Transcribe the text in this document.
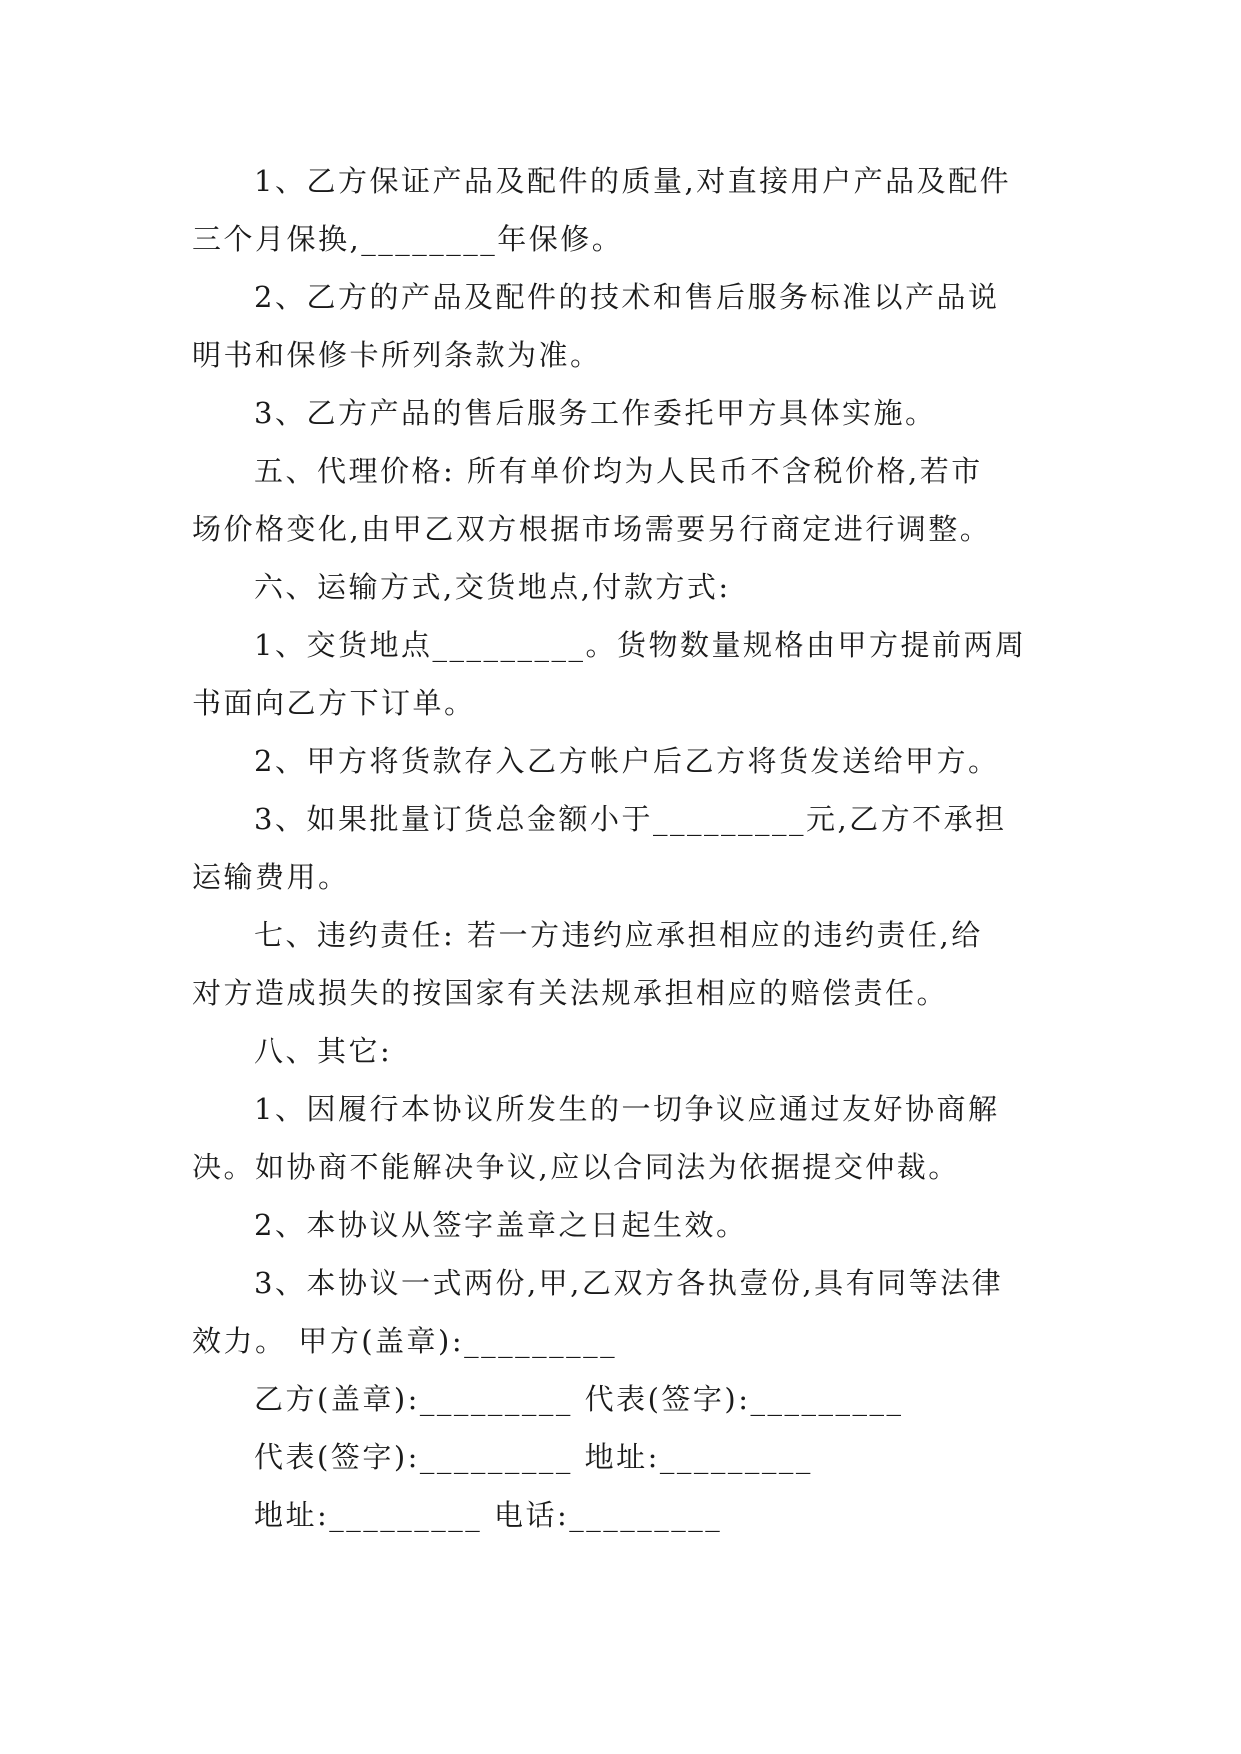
1、乙方保证产品及配件的质量,对直接用户产品及配件
三个月保换,________年保修。
2、乙方的产品及配件的技术和售后服务标准以产品说
明书和保修卡所列条款为准。
3、乙方产品的售后服务工作委托甲方具体实施。
五、代理价格: 所有单价均为人民币不含税价格,若市
场价格变化,由甲乙双方根据市场需要另行商定进行调整。
六、运输方式,交货地点,付款方式:
1、交货地点_________。货物数量规格由甲方提前两周
书面向乙方下订单。
2、甲方将货款存入乙方帐户后乙方将货发送给甲方。
3、如果批量订货总金额小于_________元,乙方不承担
运输费用。
七、违约责任: 若一方违约应承担相应的违约责任,给
对方造成损失的按国家有关法规承担相应的赔偿责任。
八、其它:
1、因履行本协议所发生的一切争议应通过友好协商解
决。如协商不能解决争议,应以合同法为依据提交仲裁。
2、本协议从签字盖章之日起生效。
3、本协议一式两份,甲,乙双方各执壹份,具有同等法律
效力。 甲方(盖章):_________
乙方(盖章):_________ 代表(签字):_________
代表(签字):_________ 地址:_________
地址:_________ 电话:_________
